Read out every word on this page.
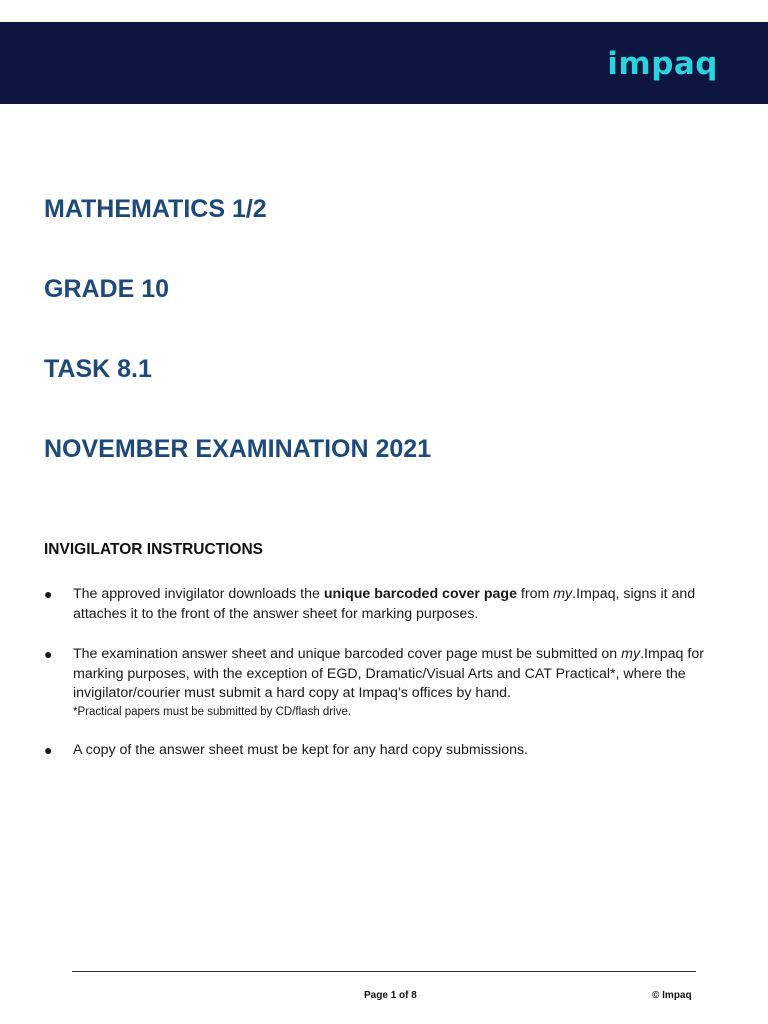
impaq
MATHEMATICS 1/2
GRADE 10
TASK 8.1
NOVEMBER EXAMINATION 2021
INVIGILATOR INSTRUCTIONS
● The approved invigilator downloads the unique barcoded cover page from my.Impaq, signs it and attaches it to the front of the answer sheet for marking purposes.
● The examination answer sheet and unique barcoded cover page must be submitted on my.Impaq for marking purposes, with the exception of EGD, Dramatic/Visual Arts and CAT Practical*, where the invigilator/courier must submit a hard copy at Impaq’s offices by hand.
*Practical papers must be submitted by CD/flash drive.
● A copy of the answer sheet must be kept for any hard copy submissions.
Page 1 of 8	© Impaq
